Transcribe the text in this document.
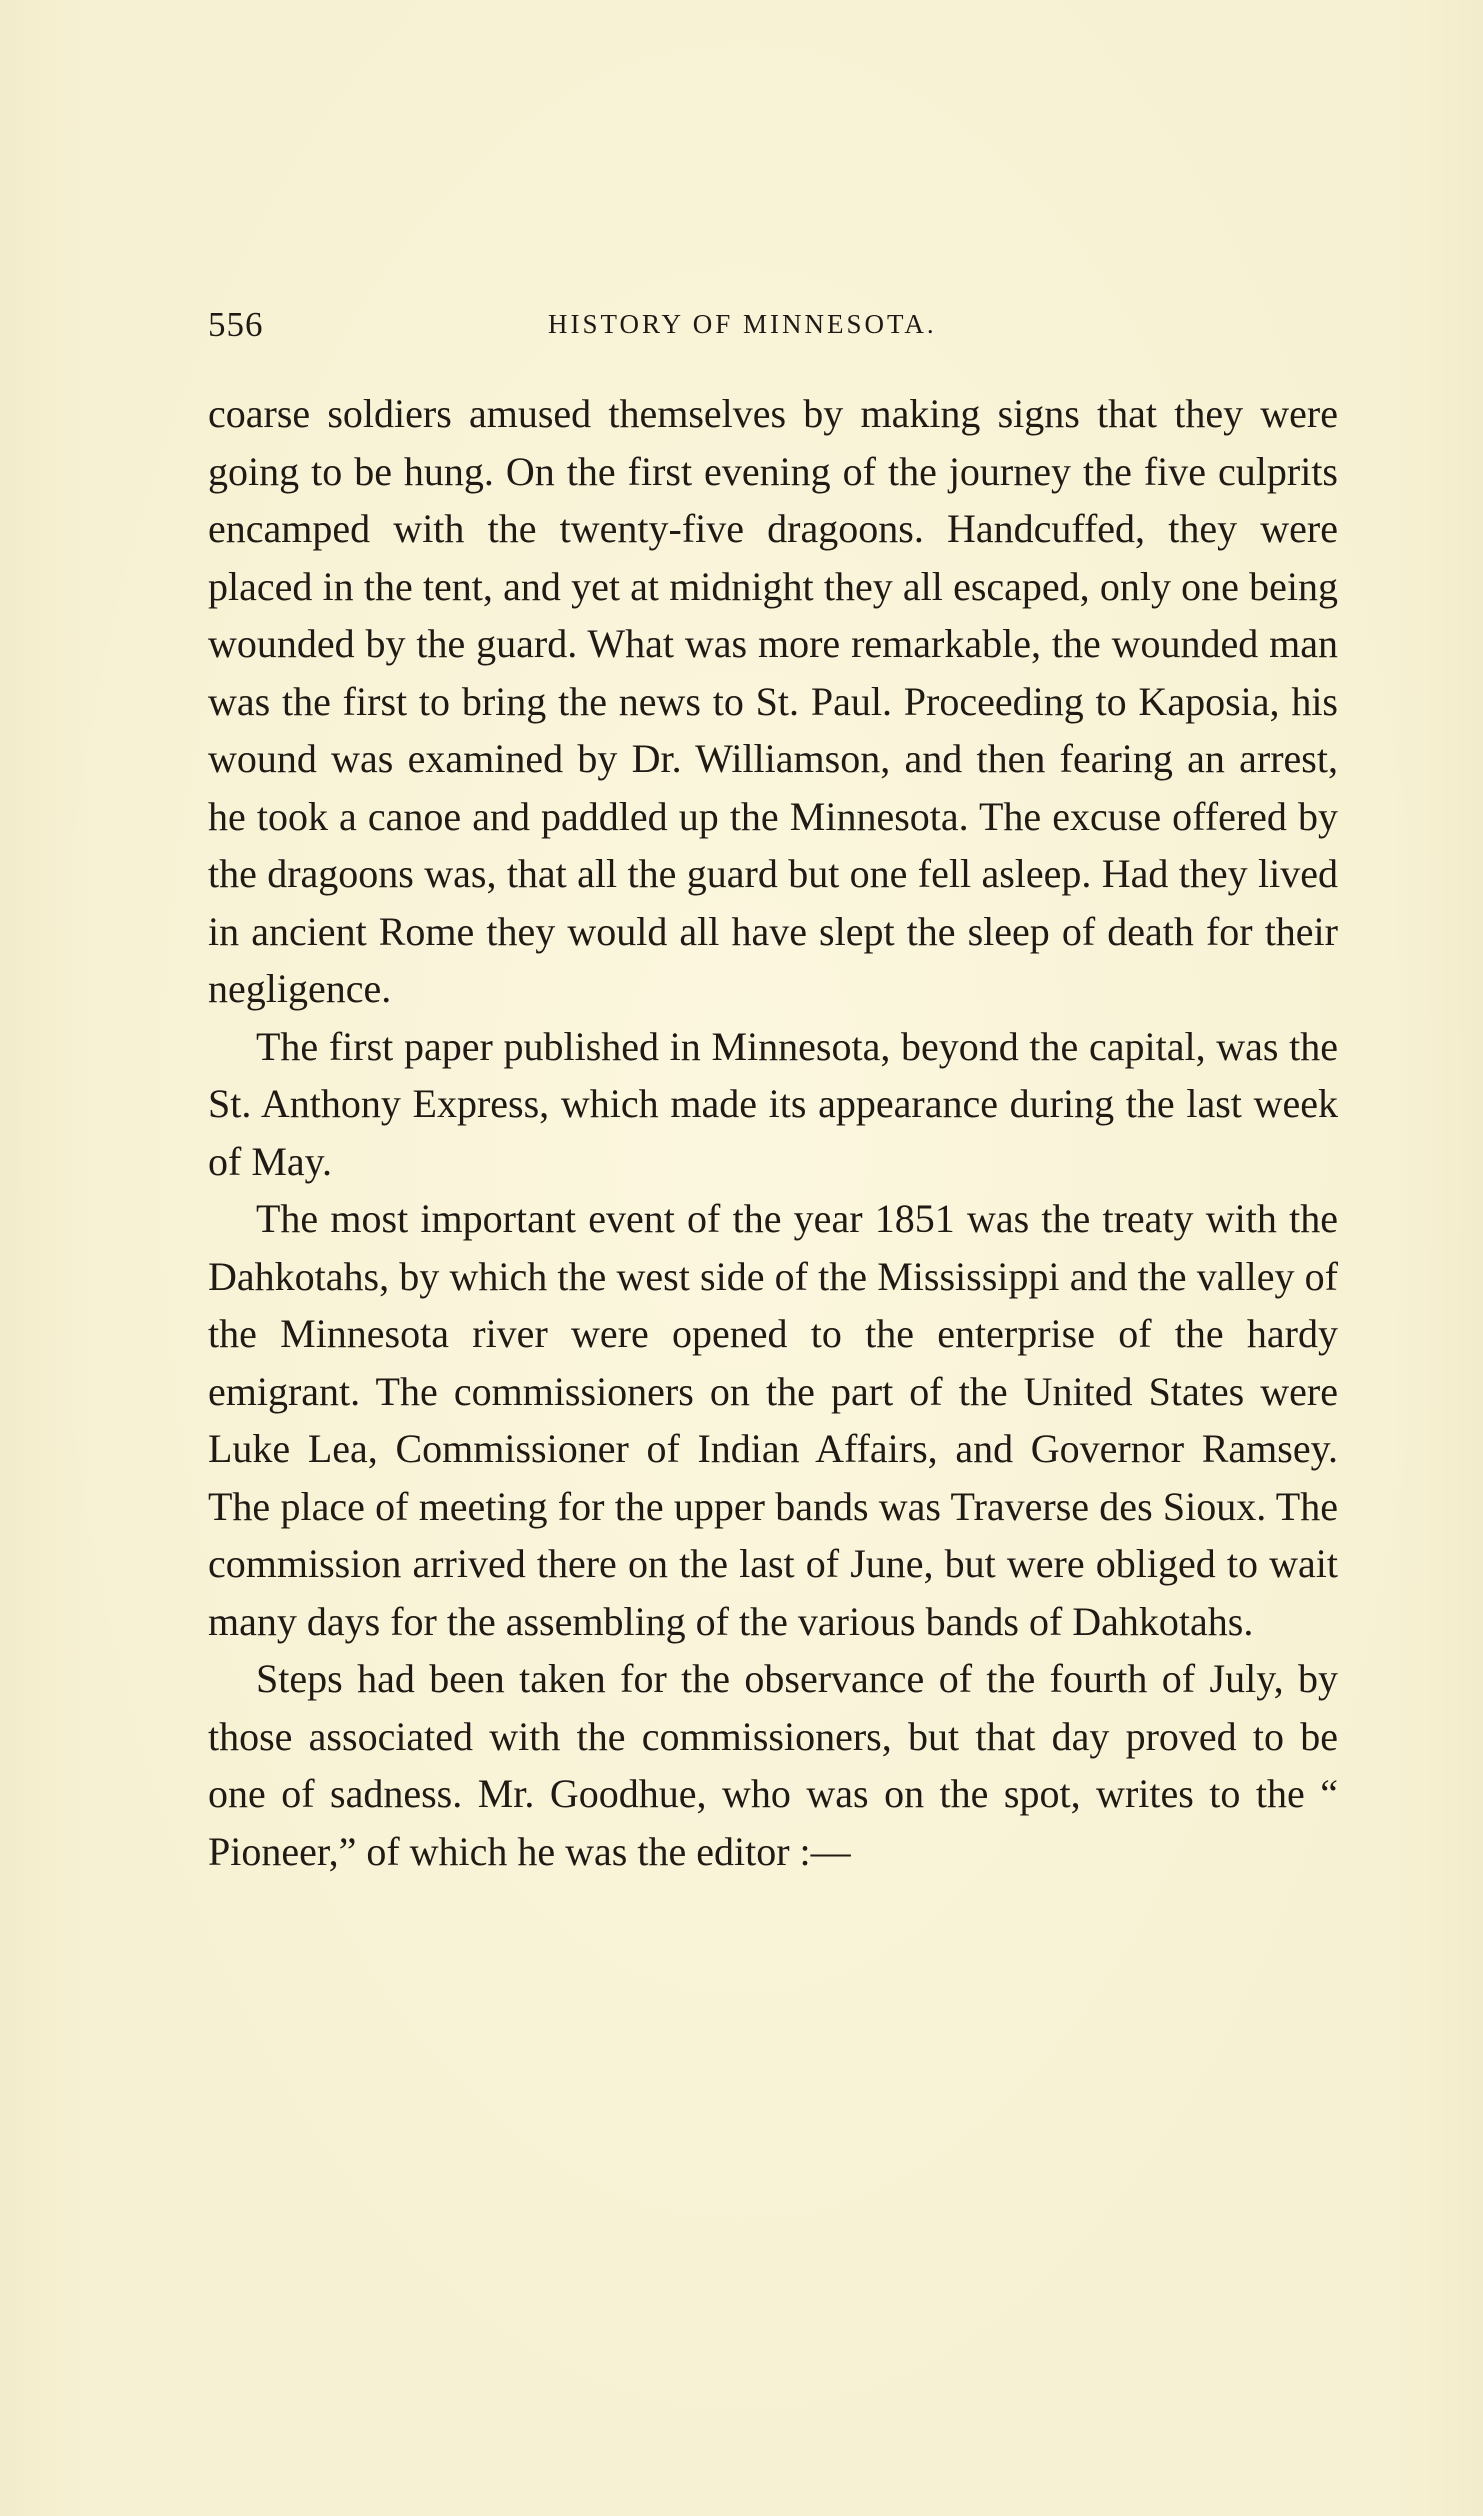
556	HISTORY OF MINNESOTA.

coarse soldiers amused themselves by making signs that they were going to be hung. On the first evening of the journey the five culprits encamped with the twenty-five dragoons. Handcuffed, they were placed in the tent, and yet at midnight they all escaped, only one being wounded by the guard. What was more remarkable, the wounded man was the first to bring the news to St. Paul. Proceeding to Kaposia, his wound was examined by Dr. Williamson, and then fearing an arrest, he took a canoe and paddled up the Minnesota. The excuse offered by the dragoons was, that all the guard but one fell asleep. Had they lived in ancient Rome they would all have slept the sleep of death for their negligence.

The first paper published in Minnesota, beyond the capital, was the St. Anthony Express, which made its appearance during the last week of May.

The most important event of the year 1851 was the treaty with the Dahkotahs, by which the west side of the Mississippi and the valley of the Minnesota river were opened to the enterprise of the hardy emigrant. The commissioners on the part of the United States were Luke Lea, Commissioner of Indian Affairs, and Governor Ramsey. The place of meeting for the upper bands was Traverse des Sioux. The commission arrived there on the last of June, but were obliged to wait many days for the assembling of the various bands of Dahkotahs.

Steps had been taken for the observance of the fourth of July, by those associated with the commissioners, but that day proved to be one of sadness. Mr. Goodhue, who was on the spot, writes to the “ Pioneer,” of which he was the editor :—
